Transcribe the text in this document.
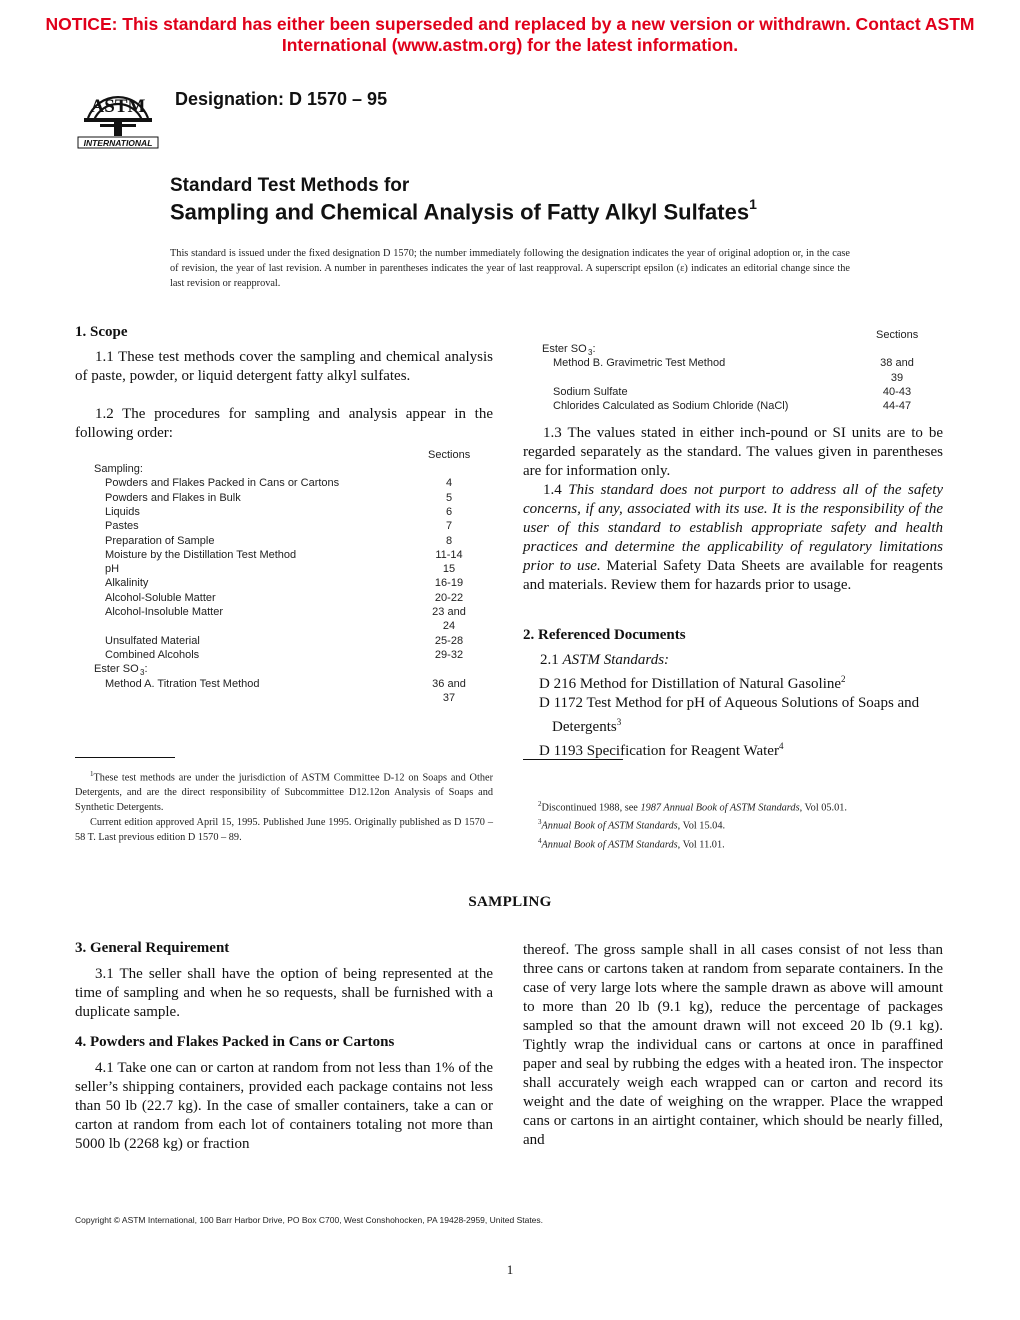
NOTICE: This standard has either been superseded and replaced by a new version or withdrawn. Contact ASTM
International (www.astm.org) for the latest information.
ASTM
INTERNATIONAL
Designation: D 1570 – 95
Standard Test Methods for
Sampling and Chemical Analysis of Fatty Alkyl Sulfates$^1$
This standard is issued under the fixed designation D 1570; the number immediately following the designation indicates the year of original adoption or, in the case of revision, the year of last revision. A number in parentheses indicates the year of last reapproval. A superscript epsilon (ε) indicates an editorial change since the last revision or reapproval.
1. Scope

1.1 These test methods cover the sampling and chemical analysis of paste, powder, or liquid detergent fatty alkyl sulfates.

1.2 The procedures for sampling and analysis appear in the following order:

Sections
Sampling:
Powders and Flakes Packed in Cans or Cartons	4
Powders and Flakes in Bulk	5
Liquids	6
Pastes	7
Preparation of Sample	8
Moisture by the Distillation Test Method	11-14
pH	15
Alkalinity	16-19
Alcohol-Soluble Matter	20-22
Alcohol-Insoluble Matter	23 and
24
Unsulfated Material	25-28
Combined Alcohols	29-32
Ester SO $_3$:
Method A. Titration Test Method	36 and
37
Sections
Ester SO $_3$:
Method B. Gravimetric Test Method	38 and
39
Sodium Sulfate	40-43
Chlorides Calculated as Sodium Chloride (NaCl)	44-47

1.3 The values stated in either inch-pound or SI units are to be regarded separately as the standard. The values given in parentheses are for information only.

1.4 This standard does not purport to address all of the safety concerns, if any, associated with its use. It is the responsibility of the user of this standard to establish appropriate safety and health practices and determine the applicability of regulatory limitations prior to use. Material Safety Data Sheets are available for reagents and materials. Review them for hazards prior to usage.

2. Referenced Documents

2.1 ASTM Standards:

D 216 Method for Distillation of Natural Gasoline$^2$

D 1172 Test Method for pH of Aqueous Solutions of Soaps and Detergents$^3$

D 1193 Specification for Reagent Water$^4$

$^1$These test methods are under the jurisdiction of ASTM Committee D-12 on Soaps and Other Detergents, and are the direct responsibility of Subcommittee D12.12on Analysis of Soaps and Synthetic Detergents.

Current edition approved April 15, 1995. Published June 1995. Originally published as D 1570 – 58 T. Last previous edition D 1570 – 89.

$^2$Discontinued 1988, see 1987 Annual Book of ASTM Standards, Vol 05.01.

$^3$Annual Book of ASTM Standards, Vol 15.04.

$^4$Annual Book of ASTM Standards, Vol 11.01.

SAMPLING
3. General Requirement

3.1 The seller shall have the option of being represented at the time of sampling and when he so requests, shall be furnished with a duplicate sample.

4. Powders and Flakes Packed in Cans or Cartons

4.1 Take one can or carton at random from not less than 1% of the seller’s shipping containers, provided each package contains not less than 50 lb (22.7 kg). In the case of smaller containers, take a can or carton at random from each lot of containers totaling not more than 5000 lb (2268 kg) or fraction

thereof. The gross sample shall in all cases consist of not less than three cans or cartons taken at random from separate containers. In the case of very large lots where the sample drawn as above will amount to more than 20 lb (9.1 kg), reduce the percentage of packages sampled so that the amount drawn will not exceed 20 lb (9.1 kg). Tightly wrap the individual cans or cartons at once in paraffined paper and seal by rubbing the edges with a heated iron. The inspector shall accurately weigh each wrapped can or carton and record its weight and the date of weighing on the wrapper. Place the wrapped cans or cartons in an airtight container, which should be nearly filled, and

Copyright © ASTM International, 100 Barr Harbor Drive, PO Box C700, West Conshohocken, PA 19428-2959, United States.
1
